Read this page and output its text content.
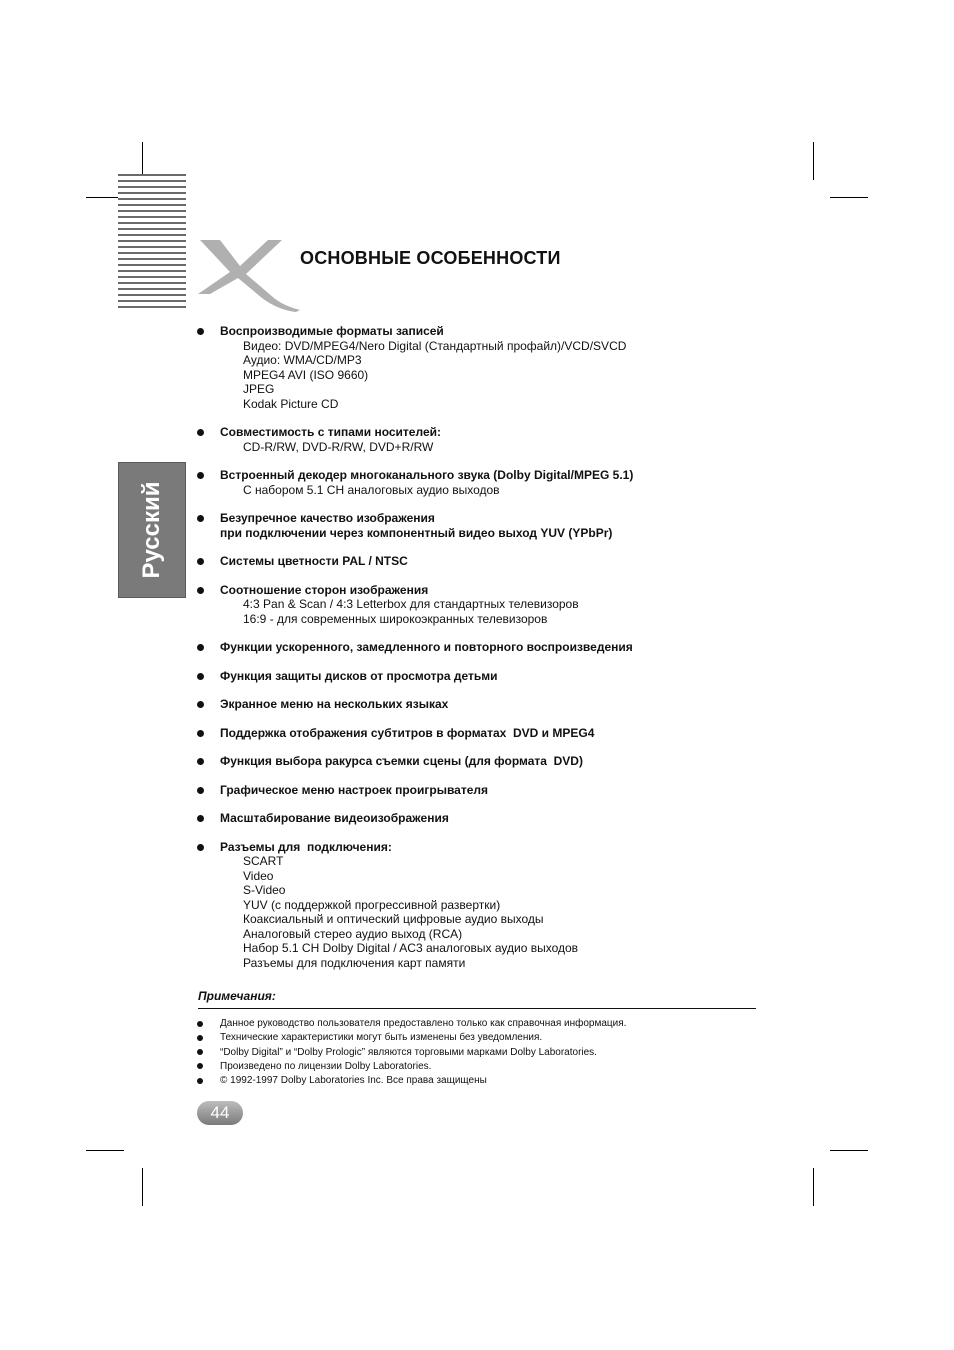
ОСНОВНЫЕ ОСОБЕННОСТИ
Русский
Воспроизводимые форматы записей
Видео: DVD/MPEG4/Nero Digital (Стандартный профайл)/VCD/SVCD
Аудио: WMA/CD/MP3
MPEG4 AVI (ISO 9660)
JPEG
Kodak Picture CD
Совместимость с типами носителей:
CD-R/RW, DVD-R/RW, DVD+R/RW
Встроенный декодер многоканального звука (Dolby Digital/MPEG 5.1)
С набором 5.1 CH аналоговых аудио выходов
Безупречное качество изображения
при подключении через компонентный видео выход YUV (YPbPr)
Системы цветности PAL / NTSC
Соотношение сторон изображения
4:3 Pan & Scan / 4:3 Letterbox для стандартных телевизоров
16:9 - для современных широкоэкранных телевизоров
Функции ускоренного, замедленного и повторного воспроизведения
Функция защиты дисков от просмотра детьми
Экранное меню на нескольких языках
Поддержка отображения субтитров в форматах  DVD и MPEG4
Функция выбора ракурса съемки сцены (для формата  DVD)
Графическое меню настроек проигрывателя
Масштабирование видеоизображения
Разъемы для  подключения:
SCART
Video
S-Video
YUV (с поддержкой прогрессивной развертки)
Коаксиальный и оптический цифровые аудио выходы
Аналоговый стерео аудио выход (RCA)
Набор 5.1 CH Dolby Digital / AC3 аналоговых аудио выходов
Разъемы для подключения карт памяти
Примечания:
Данное руководство пользователя предоставлено только как справочная информация.
Технические характеристики могут быть изменены без уведомления.
“Dolby Digital” и “Dolby Prologic” являются торговыми марками Dolby Laboratories.
Произведено по лицензии Dolby Laboratories.
© 1992-1997 Dolby Laboratories Inc. Все права защищены
44
